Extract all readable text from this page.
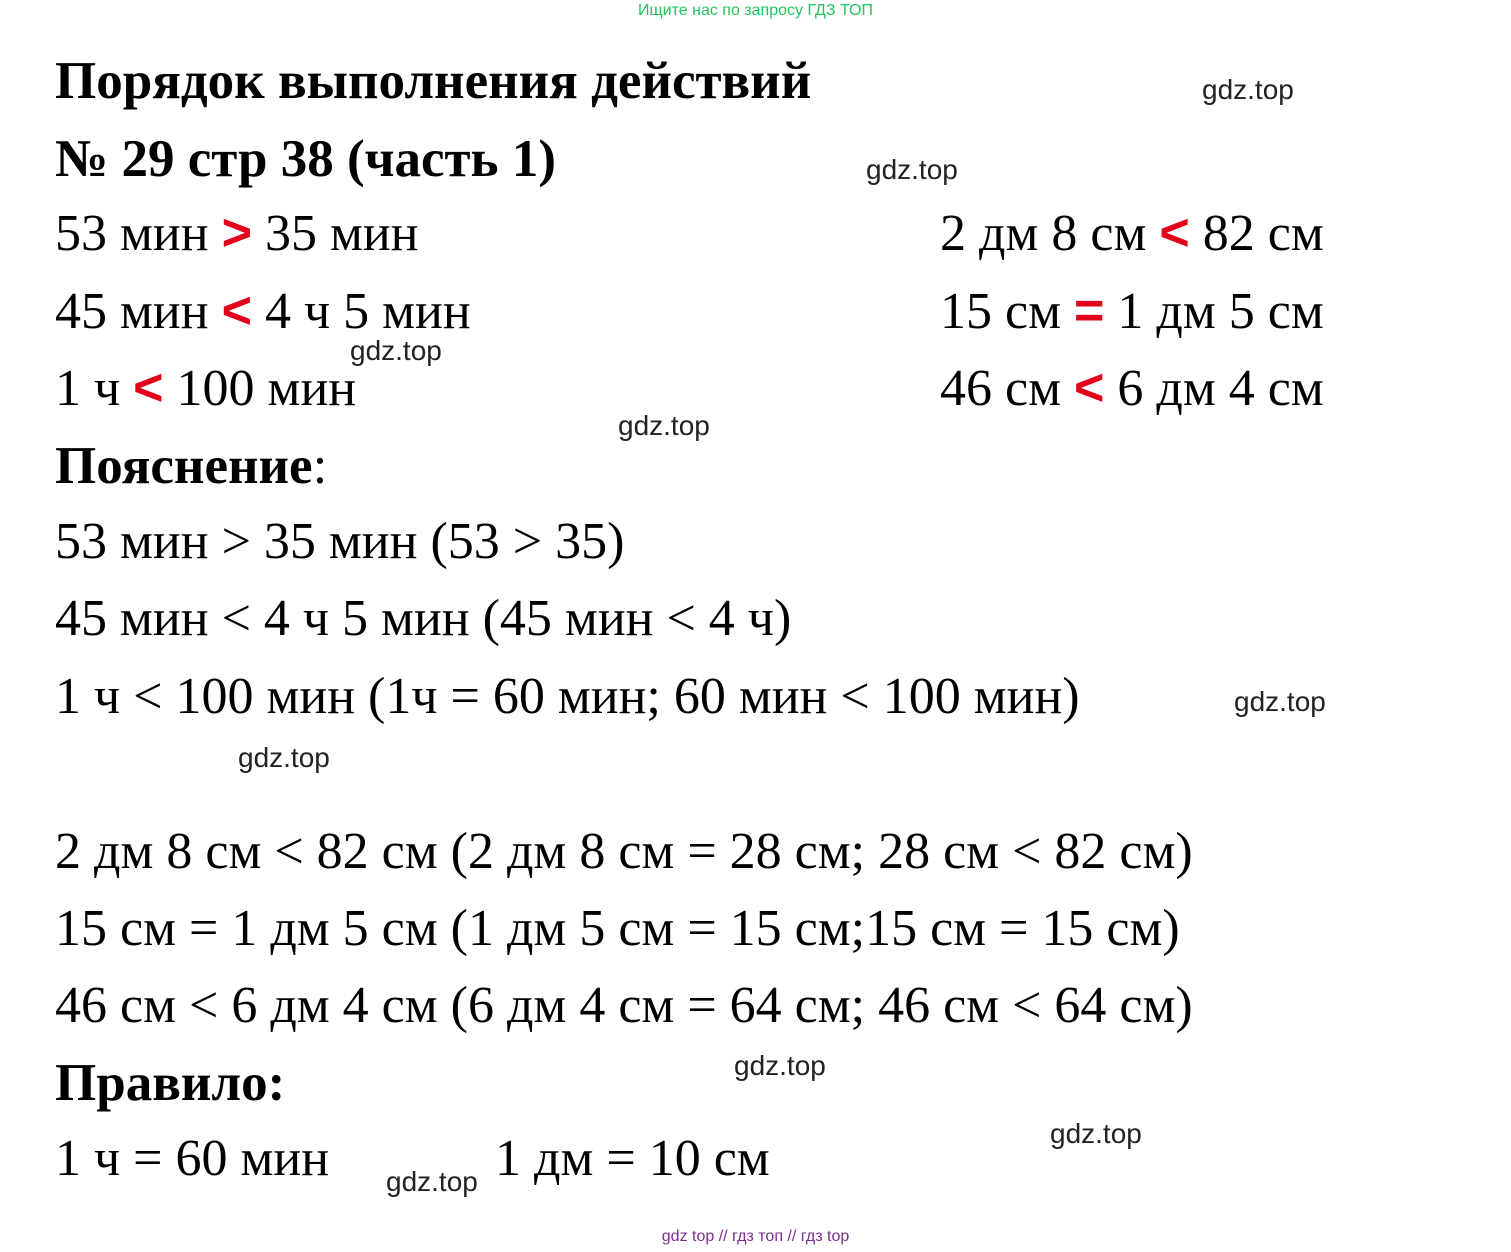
Ищите нас по запросу ГДЗ ТОП
Порядок выполнения действий
№ 29 стр 38 (часть 1)
53 мин > 35 мин
45 мин < 4 ч 5 мин
1 ч < 100 мин
2 дм 8 см < 82 см
15 см = 1 дм 5 см
46 см < 6 дм 4 см
Пояснение:
53 мин > 35 мин (53 > 35)
45 мин < 4 ч 5 мин (45 мин < 4 ч)
1 ч < 100 мин (1ч = 60 мин; 60 мин < 100 мин)
2 дм 8 см < 82 см (2 дм 8 см = 28 см; 28 см < 82 см)
15 см = 1 дм 5 см (1 дм 5 см = 15 см;15 см = 15 см)
46 см < 6 дм 4 см (6 дм 4 см = 64 см; 46 см < 64 см)
Правило:
1 ч = 60 мин	1 дм = 10 см
gdz.top
gdz.top
gdz.top
gdz.top
gdz.top
gdz.top
gdz.top
gdz.top
gdz.top
gdz top // гдз топ // гдз top
